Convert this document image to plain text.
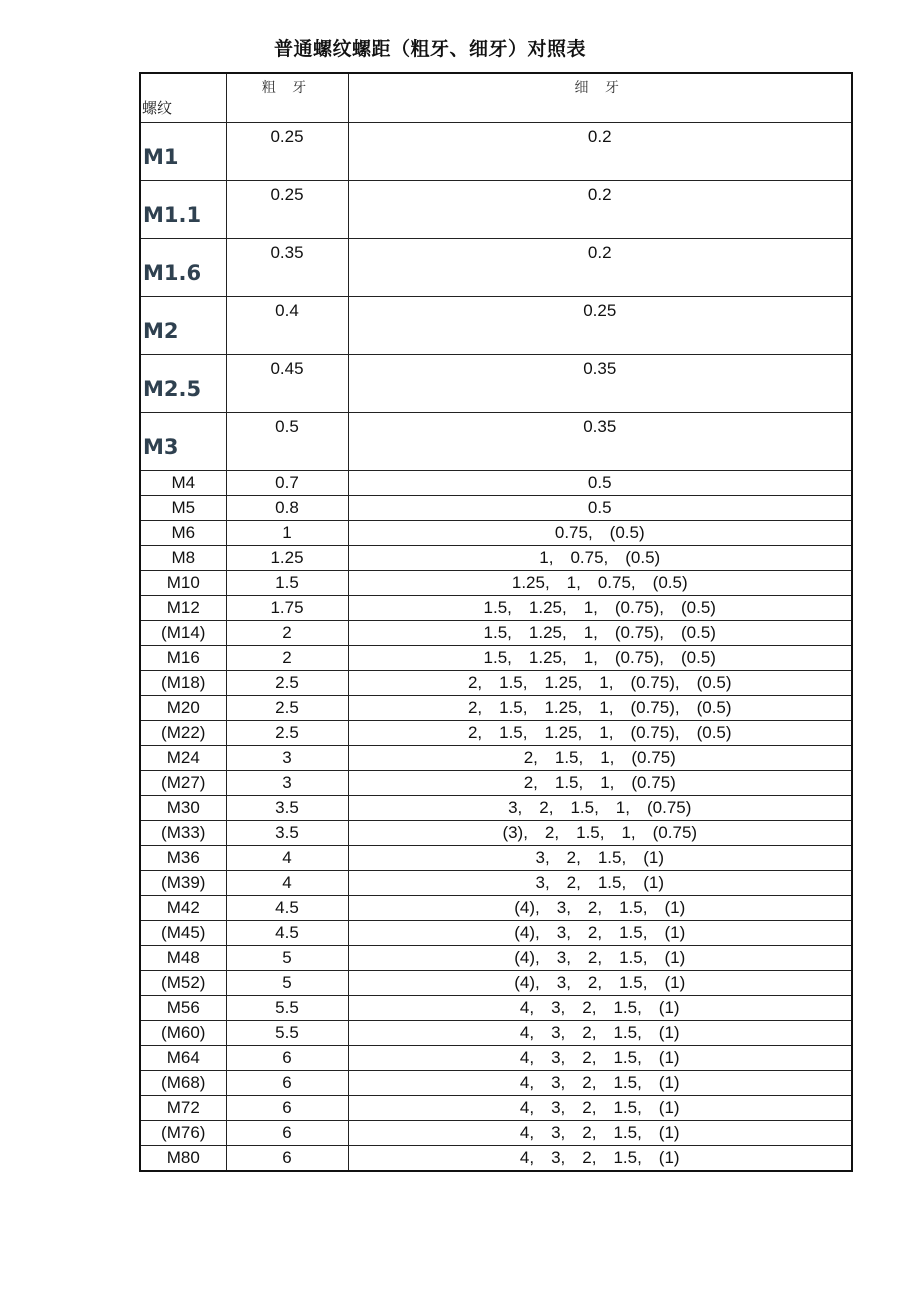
普通螺纹螺距（粗牙、细牙）对照表
螺纹	粗 牙	细 牙

M1	0.25	0.2

M1.1	0.25	0.2

M1.6	0.35	0.2

M2	0.4	0.25

M2.5	0.45	0.35

M3	0.5	0.35
M4	0.7	0.5
M5	0.8	0.5
M6	1	0.75,　(0.5)
M8	1.25	1,　0.75,　(0.5)
M10	1.5	1.25,　1,　0.75,　(0.5)
M12	1.75	1.5,　1.25,　1,　(0.75),　(0.5)
(M14)	2	1.5,　1.25,　1,　(0.75),　(0.5)
M16	2	1.5,　1.25,　1,　(0.75),　(0.5)
(M18)	2.5	2,　1.5,　1.25,　1,　(0.75),　(0.5)
M20	2.5	2,　1.5,　1.25,　1,　(0.75),　(0.5)
(M22)	2.5	2,　1.5,　1.25,　1,　(0.75),　(0.5)
M24	3	2,　1.5,　1,　(0.75)
(M27)	3	2,　1.5,　1,　(0.75)
M30	3.5	3,　2,　1.5,　1,　(0.75)
(M33)	3.5	(3),　2,　1.5,　1,　(0.75)
M36	4	3,　2,　1.5,　(1)
(M39)	4	3,　2,　1.5,　(1)
M42	4.5	(4),　3,　2,　1.5,　(1)
(M45)	4.5	(4),　3,　2,　1.5,　(1)
M48	5	(4),　3,　2,　1.5,　(1)
(M52)	5	(4),　3,　2,　1.5,　(1)
M56	5.5	4,　3,　2,　1.5,　(1)
(M60)	5.5	4,　3,　2,　1.5,　(1)
M64	6	4,　3,　2,　1.5,　(1)
(M68)	6	4,　3,　2,　1.5,　(1)
M72	6	4,　3,　2,　1.5,　(1)
(M76)	6	4,　3,　2,　1.5,　(1)
M80	6	4,　3,　2,　1.5,　(1)
